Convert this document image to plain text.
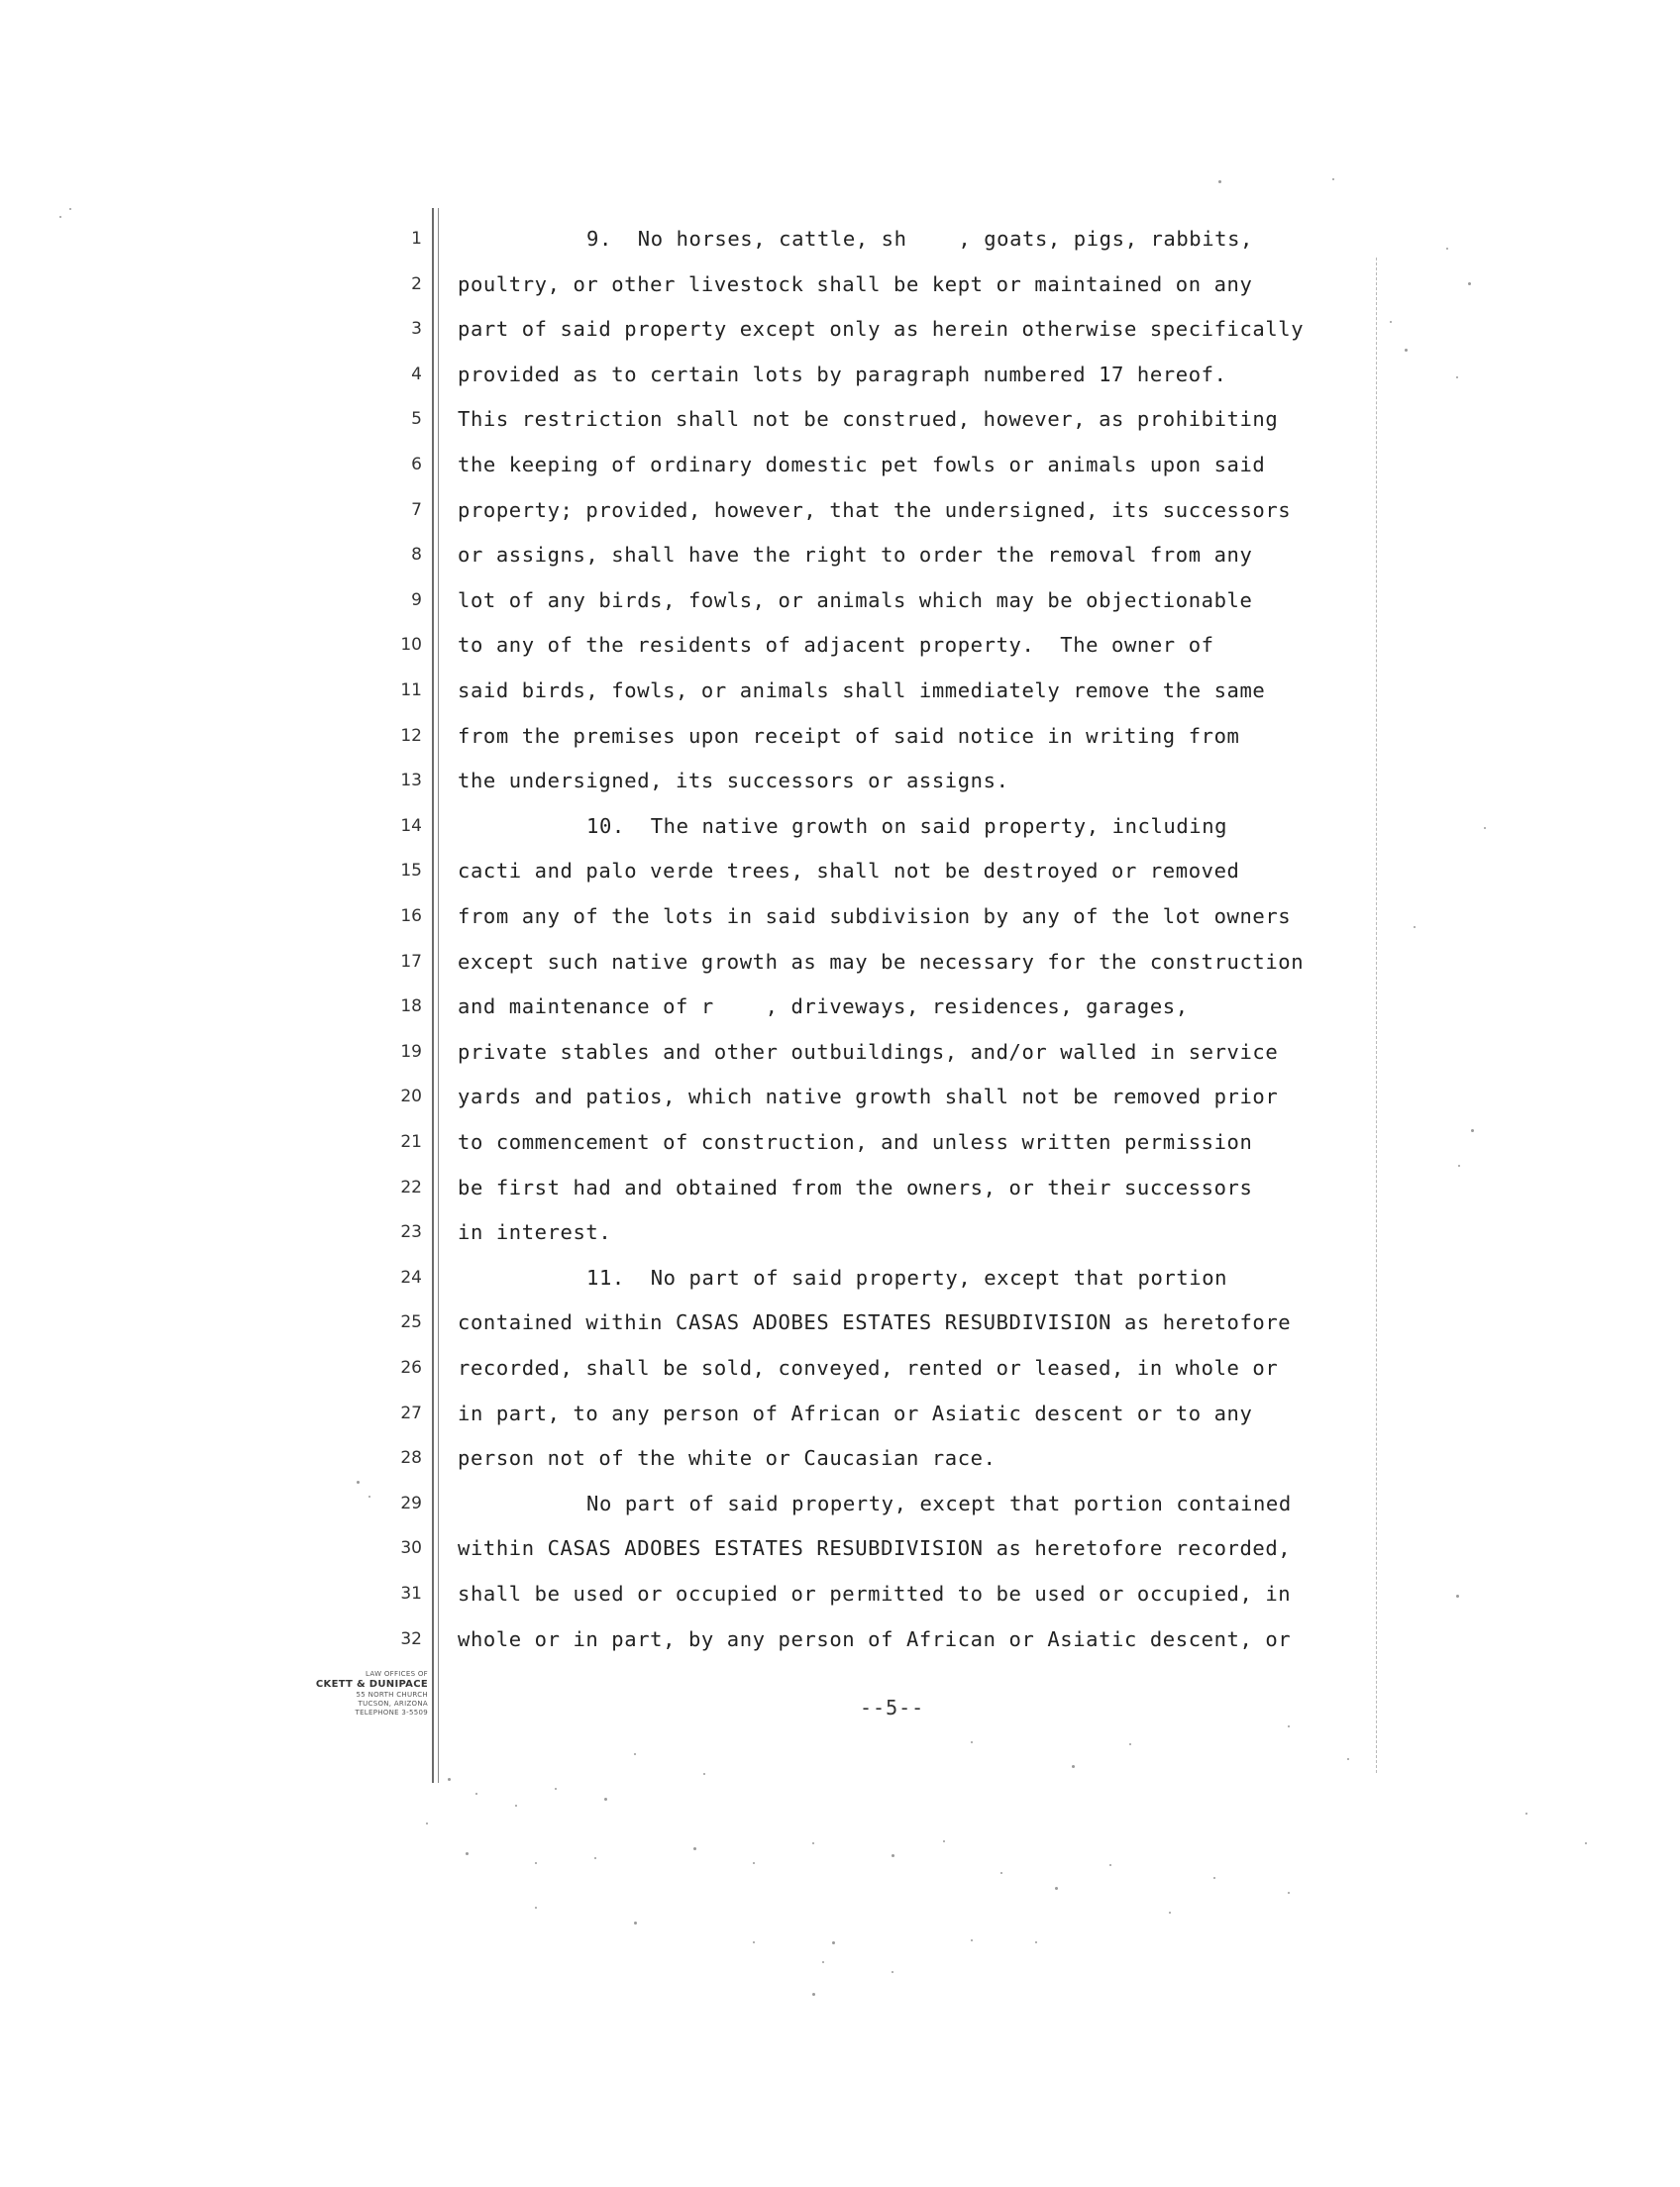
1
2
3
4
5
6
7
8
9
10
11
12
13
14
15
16
17
18
19
20
21
22
23
24
25
26
27
28
29
30
31
32
9.  No horses, cattle, sh    , goats, pigs, rabbits,
poultry, or other livestock shall be kept or maintained on any
part of said property except only as herein otherwise specifically
provided as to certain lots by paragraph numbered 17 hereof.
This restriction shall not be construed, however, as prohibiting
the keeping of ordinary domestic pet fowls or animals upon said
property; provided, however, that the undersigned, its successors
or assigns, shall have the right to order the removal from any
lot of any birds, fowls, or animals which may be objectionable
to any of the residents of adjacent property.  The owner of
said birds, fowls, or animals shall immediately remove the same
from the premises upon receipt of said notice in writing from
the undersigned, its successors or assigns.
10.  The native growth on said property, including
cacti and palo verde trees, shall not be destroyed or removed
from any of the lots in said subdivision by any of the lot owners
except such native growth as may be necessary for the construction
and maintenance of r    , driveways, residences, garages,
private stables and other outbuildings, and/or walled in service
yards and patios, which native growth shall not be removed prior
to commencement of construction, and unless written permission
be first had and obtained from the owners, or their successors
in interest.
11.  No part of said property, except that portion
contained within CASAS ADOBES ESTATES RESUBDIVISION as heretofore
recorded, shall be sold, conveyed, rented or leased, in whole or
in part, to any person of African or Asiatic descent or to any
person not of the white or Caucasian race.
No part of said property, except that portion contained
within CASAS ADOBES ESTATES RESUBDIVISION as heretofore recorded,
shall be used or occupied or permitted to be used or occupied, in
whole or in part, by any person of African or Asiatic descent, or
--5--
LAW OFFICES OF
CKETT & DUNIPACE
55 NORTH CHURCH
TUCSON, ARIZONA
TELEPHONE 3-5509
